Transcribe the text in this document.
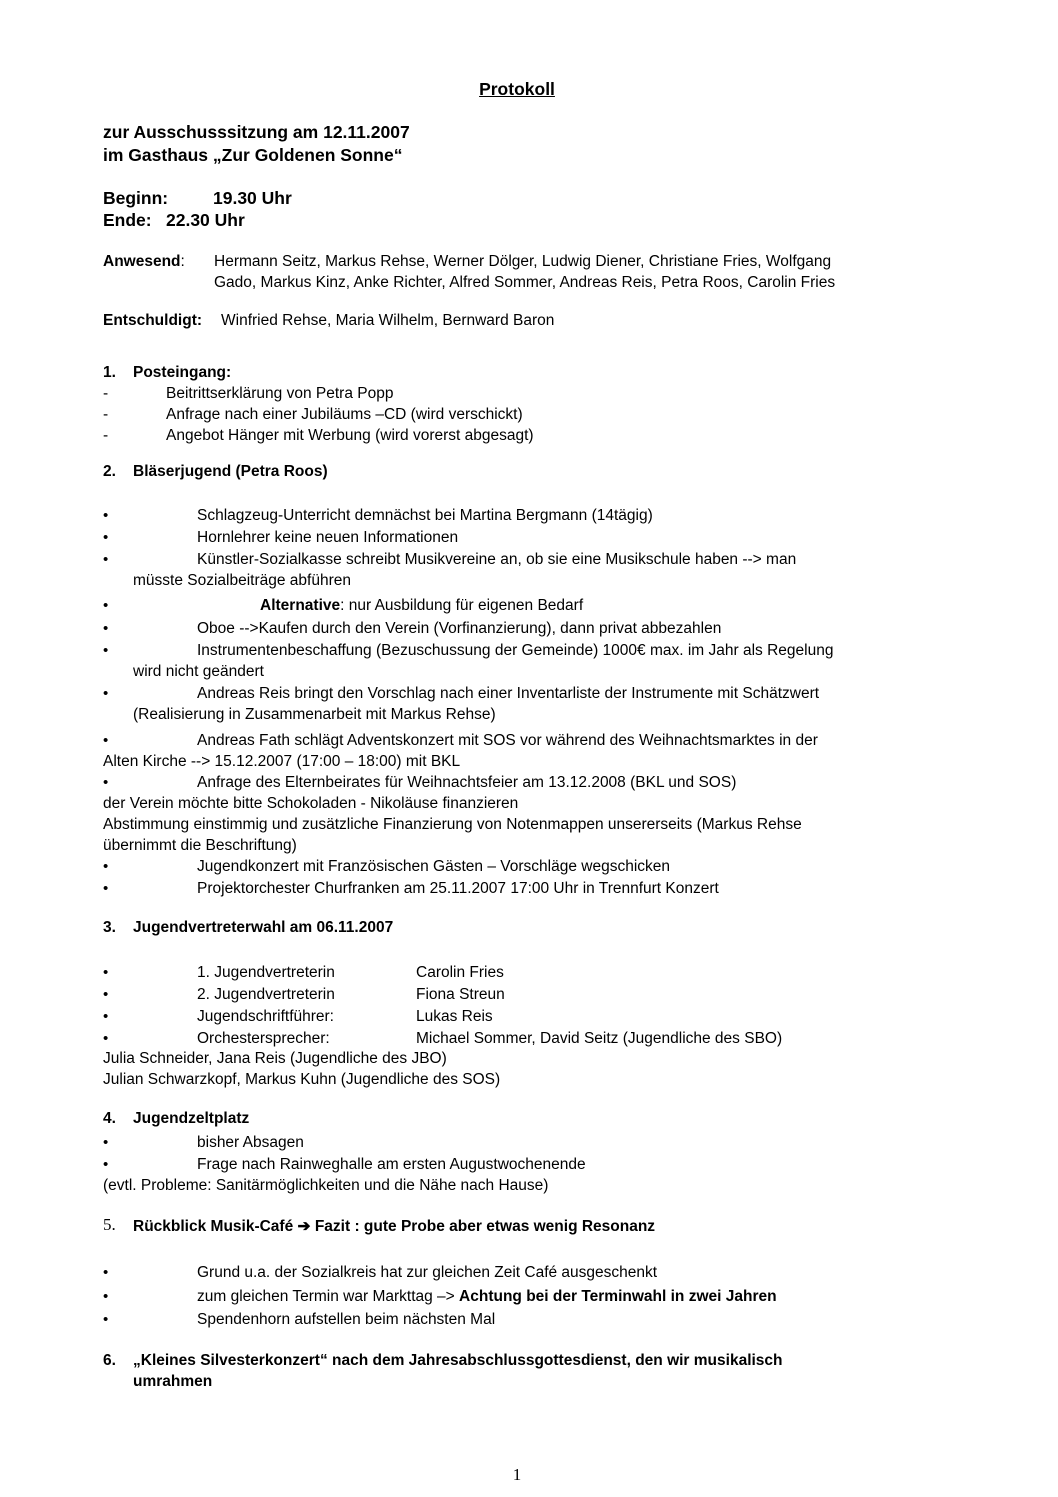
Protokoll
zur Ausschusssitzung am 12.11.2007
im Gasthaus „Zur Goldenen Sonne“
Beginn:	19.30 Uhr
Ende: 22.30 Uhr
Anwesend: Hermann Seitz, Markus Rehse, Werner Dölger, Ludwig Diener, Christiane Fries, Wolfgang
Gado, Markus Kinz, Anke Richter, Alfred Sommer, Andreas Reis, Petra Roos, Carolin Fries
Entschuldigt: Winfried Rehse, Maria Wilhelm, Bernward Baron
1. Posteingang:
-	Beitrittserklärung von Petra Popp
-	Anfrage nach einer Jubiläums –CD (wird verschickt)
-	Angebot Hänger mit Werbung (wird vorerst abgesagt)
2. Bläserjugend (Petra Roos)
•	Schlagzeug-Unterricht demnächst bei Martina Bergmann (14tägig)
•	Hornlehrer keine neuen Informationen
•	Künstler-Sozialkasse schreibt Musikvereine an, ob sie eine Musikschule haben --> man
müsste Sozialbeiträge abführen
•	Alternative: nur Ausbildung für eigenen Bedarf
•	Oboe -->Kaufen durch den Verein (Vorfinanzierung), dann privat abbezahlen
•	Instrumentenbeschaffung (Bezuschussung der Gemeinde) 1000€ max. im Jahr als Regelung
wird nicht geändert
•	Andreas Reis bringt den Vorschlag nach einer Inventarliste der Instrumente mit Schätzwert
(Realisierung in Zusammenarbeit mit Markus Rehse)
•	Andreas Fath schlägt Adventskonzert mit SOS vor während des Weihnachtsmarktes in der
Alten Kirche --> 15.12.2007 (17:00 – 18:00) mit BKL
•	Anfrage des Elternbeirates für Weihnachtsfeier am 13.12.2008 (BKL und SOS)
der Verein möchte bitte Schokoladen - Nikoläuse finanzieren
Abstimmung einstimmig und zusätzliche Finanzierung von Notenmappen unsererseits (Markus Rehse
übernimmt die Beschriftung)
•	Jugendkonzert mit Französischen Gästen – Vorschläge wegschicken
•	Projektorchester Churfranken am 25.11.2007 17:00 Uhr in Trennfurt Konzert
3. Jugendvertreterwahl am 06.11.2007
•	1. Jugendvertreterin	Carolin Fries
•	2. Jugendvertreterin	Fiona Streun
•	Jugendschriftführer:	Lukas Reis
•	Orchestersprecher:	Michael Sommer, David Seitz (Jugendliche des SBO)
Julia Schneider, Jana Reis (Jugendliche des JBO)
Julian Schwarzkopf, Markus Kuhn (Jugendliche des SOS)
4. Jugendzeltplatz
•	bisher Absagen
•	Frage nach Rainweghalle am ersten Augustwochenende
(evtl. Probleme: Sanitärmöglichkeiten und die Nähe nach Hause)
5. Rückblick Musik-Café ➔ Fazit : gute Probe aber etwas wenig Resonanz
•	Grund u.a. der Sozialkreis hat zur gleichen Zeit Café ausgeschenkt
•	zum gleichen Termin war Markttag –> Achtung bei der Terminwahl in zwei Jahren
•	Spendenhorn aufstellen beim nächsten Mal
6. „Kleines Silvesterkonzert“ nach dem Jahresabschlussgottesdienst, den wir musikalisch
umrahmen
1
